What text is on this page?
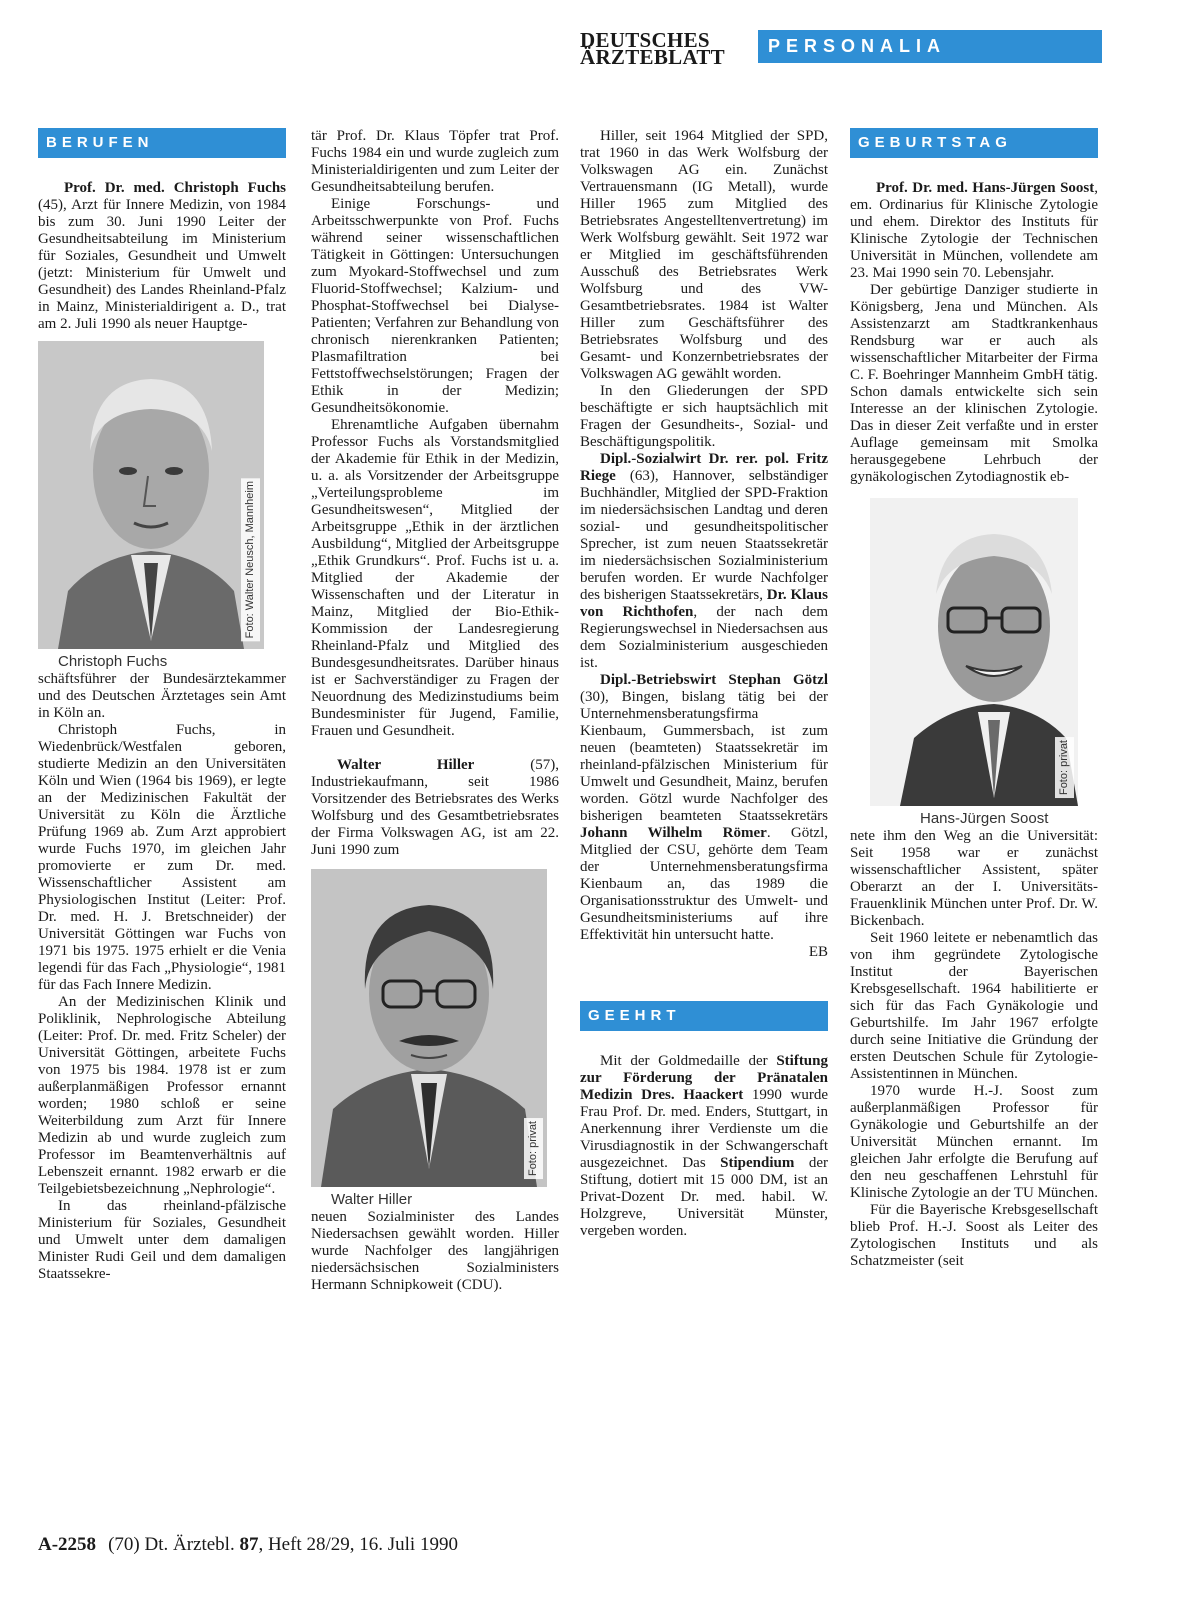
DEUTSCHES
ÄRZTEBLATT	PERSONALIA
BERUFEN

Prof. Dr. med. Christoph Fuchs (45), Arzt für Innere Medizin, von 1984 bis zum 30. Juni 1990 Leiter der Gesundheitsabteilung im Ministerium für Soziales, Gesundheit und Umwelt (jetzt: Ministerium für Umwelt und Gesundheit) des Landes Rheinland-Pfalz in Mainz, Ministerialdirigent a. D., trat am 2. Juli 1990 als neuer Hauptge-

Foto: Walter Neusch, Mannheim

Christoph Fuchs

schäftsführer der Bundesärztekammer und des Deutschen Ärztetages sein Amt in Köln an.

Christoph Fuchs, in Wiedenbrück/Westfalen geboren, studierte Medizin an den Universitäten Köln und Wien (1964 bis 1969), er legte an der Medizinischen Fakultät der Universität zu Köln die Ärztliche Prüfung 1969 ab. Zum Arzt approbiert wurde Fuchs 1970, im gleichen Jahr promovierte er zum Dr. med. Wissenschaftlicher Assistent am Physiologischen Institut (Leiter: Prof. Dr. med. H. J. Bretschneider) der Universität Göttingen war Fuchs von 1971 bis 1975. 1975 erhielt er die Venia legendi für das Fach „Physiologie“, 1981 für das Fach Innere Medizin.

An der Medizinischen Klinik und Poliklinik, Nephrologische Abteilung (Leiter: Prof. Dr. med. Fritz Scheler) der Universität Göttingen, arbeitete Fuchs von 1975 bis 1984. 1978 ist er zum außerplanmäßigen Professor ernannt worden; 1980 schloß er seine Weiterbildung zum Arzt für Innere Medizin ab und wurde zugleich zum Professor im Beamtenverhältnis auf Lebenszeit ernannt. 1982 erwarb er die Teilgebietsbezeichnung „Nephrologie“.

In das rheinland-pfälzische Ministerium für Soziales, Gesundheit und Umwelt unter dem damaligen Minister Rudi Geil und dem damaligen Staatssekre-

tär Prof. Dr. Klaus Töpfer trat Prof. Fuchs 1984 ein und wurde zugleich zum Ministerialdirigenten und zum Leiter der Gesundheitsabteilung berufen.

Einige Forschungs- und Arbeitsschwerpunkte von Prof. Fuchs während seiner wissenschaftlichen Tätigkeit in Göttingen: Untersuchungen zum Myokard-Stoffwechsel und zum Fluorid-Stoffwechsel; Kalzium- und Phosphat-Stoffwechsel bei Dialyse-Patienten; Verfahren zur Behandlung von chronisch nierenkranken Patienten; Plasmafiltration bei Fettstoffwechselstörungen; Fragen der Ethik in der Medizin; Gesundheitsökonomie.

Ehrenamtliche Aufgaben übernahm Professor Fuchs als Vorstandsmitglied der Akademie für Ethik in der Medizin, u. a. als Vorsitzender der Arbeitsgruppe „Verteilungsprobleme im Gesundheitswesen“, Mitglied der Arbeitsgruppe „Ethik in der ärztlichen Ausbildung“, Mitglied der Arbeitsgruppe „Ethik Grundkurs“. Prof. Fuchs ist u. a. Mitglied der Akademie der Wissenschaften und der Literatur in Mainz, Mitglied der Bio-Ethik-Kommission der Landesregierung Rheinland-Pfalz und Mitglied des Bundesgesundheitsrates. Darüber hinaus ist er Sachverständiger zu Fragen der Neuordnung des Medizinstudiums beim Bundesminister für Jugend, Familie, Frauen und Gesundheit.

Walter Hiller (57), Industriekaufmann, seit 1986 Vorsitzender des Betriebsrates des Werks Wolfsburg und des Gesamtbetriebsrates der Firma Volkswagen AG, ist am 22. Juni 1990 zum

Foto: privat

Walter Hiller

neuen Sozialminister des Landes Niedersachsen gewählt worden. Hiller wurde Nachfolger des langjährigen niedersächsischen Sozialministers Hermann Schnipkoweit (CDU).

Hiller, seit 1964 Mitglied der SPD, trat 1960 in das Werk Wolfsburg der Volkswagen AG ein. Zunächst Vertrauensmann (IG Metall), wurde Hiller 1965 zum Mitglied des Betriebsrates Angestelltenvertretung) im Werk Wolfsburg gewählt. Seit 1972 war er Mitglied im geschäftsführenden Ausschuß des Betriebsrates Werk Wolfsburg und des VW-Gesamtbetriebsrates. 1984 ist Walter Hiller zum Geschäftsführer des Betriebsrates Wolfsburg und des Gesamt- und Konzernbetriebsrates der Volkswagen AG gewählt worden.

In den Gliederungen der SPD beschäftigte er sich hauptsächlich mit Fragen der Gesundheits-, Sozial- und Beschäftigungspolitik.

Dipl.-Sozialwirt Dr. rer. pol. Fritz Riege (63), Hannover, selbständiger Buchhändler, Mitglied der SPD-Fraktion im niedersächsischen Landtag und deren sozial- und gesundheitspolitischer Sprecher, ist zum neuen Staatssekretär im niedersächsischen Sozialministerium berufen worden. Er wurde Nachfolger des bisherigen Staatssekretärs, Dr. Klaus von Richthofen, der nach dem Regierungswechsel in Niedersachsen aus dem Sozialministerium ausgeschieden ist.

Dipl.-Betriebswirt Stephan Götzl (30), Bingen, bislang tätig bei der Unternehmensberatungsfirma Kienbaum, Gummersbach, ist zum neuen (beamteten) Staatssekretär im rheinland-pfälzischen Ministerium für Umwelt und Gesundheit, Mainz, berufen worden. Götzl wurde Nachfolger des bisherigen beamteten Staatssekretärs Johann Wilhelm Römer. Götzl, Mitglied der CSU, gehörte dem Team der Unternehmensberatungsfirma Kienbaum an, das 1989 die Organisationsstruktur des Umwelt- und Gesundheitsministeriums auf ihre Effektivität hin untersucht hatte.

EB

GEEHRT

Mit der Goldmedaille der Stiftung zur Förderung der Pränatalen Medizin Dres. Haackert 1990 wurde Frau Prof. Dr. med. Enders, Stuttgart, in Anerkennung ihrer Verdienste um die Virusdiagnostik in der Schwangerschaft ausgezeichnet. Das Stipendium der Stiftung, dotiert mit 15 000 DM, ist an Privat-Dozent Dr. med. habil. W. Holzgreve, Universität Münster, vergeben worden.

GEBURTSTAG

Prof. Dr. med. Hans-Jürgen Soost, em. Ordinarius für Klinische Zytologie und ehem. Direktor des Instituts für Klinische Zytologie der Technischen Universität in München, vollendete am 23. Mai 1990 sein 70. Lebensjahr.

Der gebürtige Danziger studierte in Königsberg, Jena und München. Als Assistenzarzt am Stadtkrankenhaus Rendsburg war er auch als wissenschaftlicher Mitarbeiter der Firma C. F. Boehringer Mannheim GmbH tätig. Schon damals entwickelte sich sein Interesse an der klinischen Zytologie. Das in dieser Zeit verfaßte und in erster Auflage gemeinsam mit Smolka herausgegebene Lehrbuch der gynäkologischen Zytodiagnostik eb-

Foto: privat

Hans-Jürgen Soost

nete ihm den Weg an die Universität: Seit 1958 war er zunächst wissenschaftlicher Assistent, später Oberarzt an der I. Universitäts-Frauenklinik München unter Prof. Dr. W. Bickenbach.

Seit 1960 leitete er nebenamtlich das von ihm gegründete Zytologische Institut der Bayerischen Krebsgesellschaft. 1964 habilitierte er sich für das Fach Gynäkologie und Geburtshilfe. Im Jahr 1967 erfolgte durch seine Initiative die Gründung der ersten Deutschen Schule für Zytologie-Assistentinnen in München.

1970 wurde H.-J. Soost zum außerplanmäßigen Professor für Gynäkologie und Geburtshilfe an der Universität München ernannt. Im gleichen Jahr erfolgte die Berufung auf den neu geschaffenen Lehrstuhl für Klinische Zytologie an der TU München.

Für die Bayerische Krebsgesellschaft blieb Prof. H.-J. Soost als Leiter des Zytologischen Instituts und als Schatzmeister (seit

A-2258 (70) Dt. Ärztebl. 87, Heft 28/29, 16. Juli 1990
